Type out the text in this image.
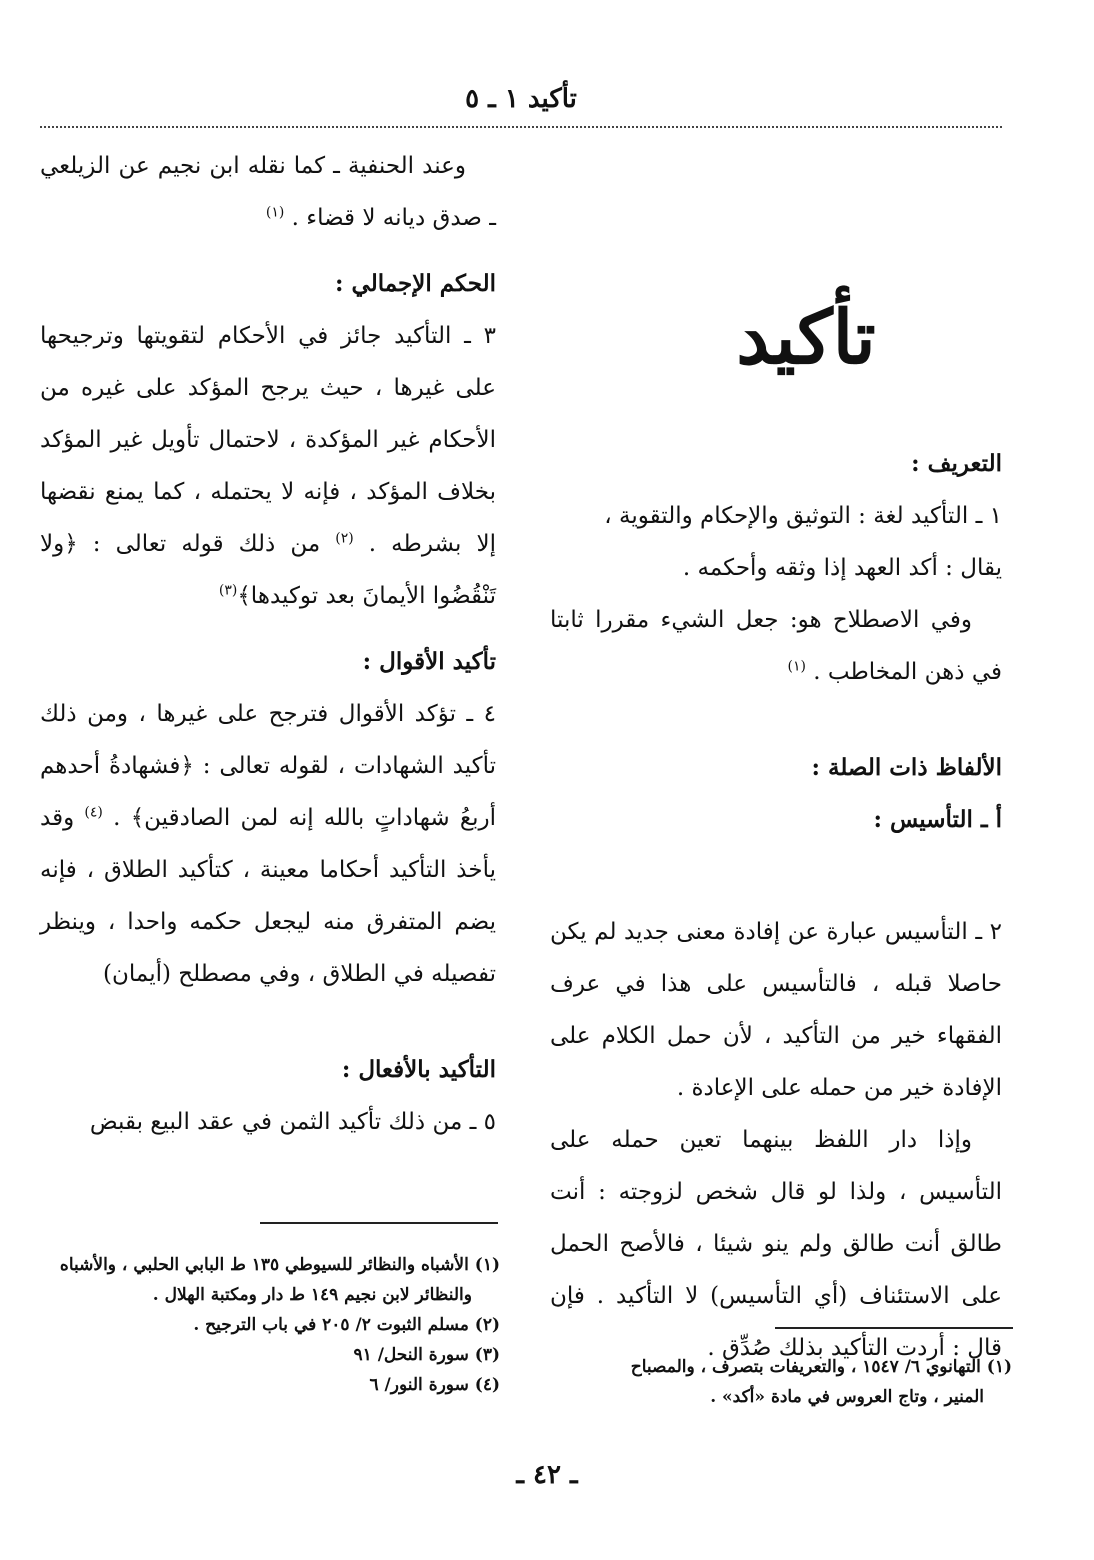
تأكيد ١ ـ ٥
تأكيد

التعريف :

١ ـ التأكيد لغة : التوثيق والإحكام والتقوية ،

يقال : أكد العهد إذا وثقه وأحكمه .

وفي الاصطلاح هو: جعل الشيء مقررا ثابتا في ذهن المخاطب . $^{(١)}$

الألفاظ ذات الصلة :

أ ـ التأسيس :

٢ ـ التأسيس عبارة عن إفادة معنى جديد لم يكن حاصلا قبله ، فالتأسيس على هذا في عرف الفقهاء خير من التأكيد ، لأن حمل الكلام على الإفادة خير من حمله على الإعادة .

وإذا دار اللفظ بينهما تعين حمله على التأسيس ، ولذا لو قال شخص لزوجته : أنت طالق أنت طالق ولم ينو شيئا ، فالأصح الحمل على الاستئناف (أي التأسيس) لا التأكيد . فإن قال : أردت التأكيد بذلك صُدِّق .

وعند الحنفية ـ كما نقله ابن نجيم عن الزيلعي ـ صدق ديانه لا قضاء . $^{(١)}$

الحكم الإجمالي :

٣ ـ التأكيد جائز في الأحكام لتقويتها وترجيحها على غيرها ، حيث يرجح المؤكد على غيره من الأحكام غير المؤكدة ، لاحتمال تأويل غير المؤكد بخلاف المؤكد ، فإنه لا يحتمله ، كما يمنع نقضها إلا بشرطه . $^{(٢)}$ من ذلك قوله تعالى : ﴿ولا تَنْقُضُوا الأيمانَ بعد توكيدها﴾$^{(٣)}$

تأكيد الأقوال :

٤ ـ تؤكد الأقوال فترجح على غيرها ، ومن ذلك تأكيد الشهادات ، لقوله تعالى : ﴿فشهادةُ أحدهم أربعُ شهاداتٍ بالله إنه لمن الصادقين﴾ . $^{(٤)}$ وقد يأخذ التأكيد أحكاما معينة ، كتأكيد الطلاق ، فإنه يضم المتفرق منه ليجعل حكمه واحدا ، وينظر تفصيله في الطلاق ، وفي مصطلح (أيمان)

التأكيد بالأفعال :

٥ ـ من ذلك تأكيد الثمن في عقد البيع بقبض

(١) الأشباه والنظائر للسيوطي ١٣٥ ط البابي الحلبي ، والأشباه
والنظائر لابن نجيم ١٤٩ ط دار ومكتبة الهلال .

(٢) مسلم الثبوت ٢/ ٢٠٥ في باب الترجيح .

(٣) سورة النحل/ ٩١

(٤) سورة النور/ ٦

(١) التهانوي ٦/ ١٥٤٧ ، والتعريفات بتصرف ، والمصباح
المنير ، وتاج العروس في مادة «أكد» .

ـ ٤٢ ـ
